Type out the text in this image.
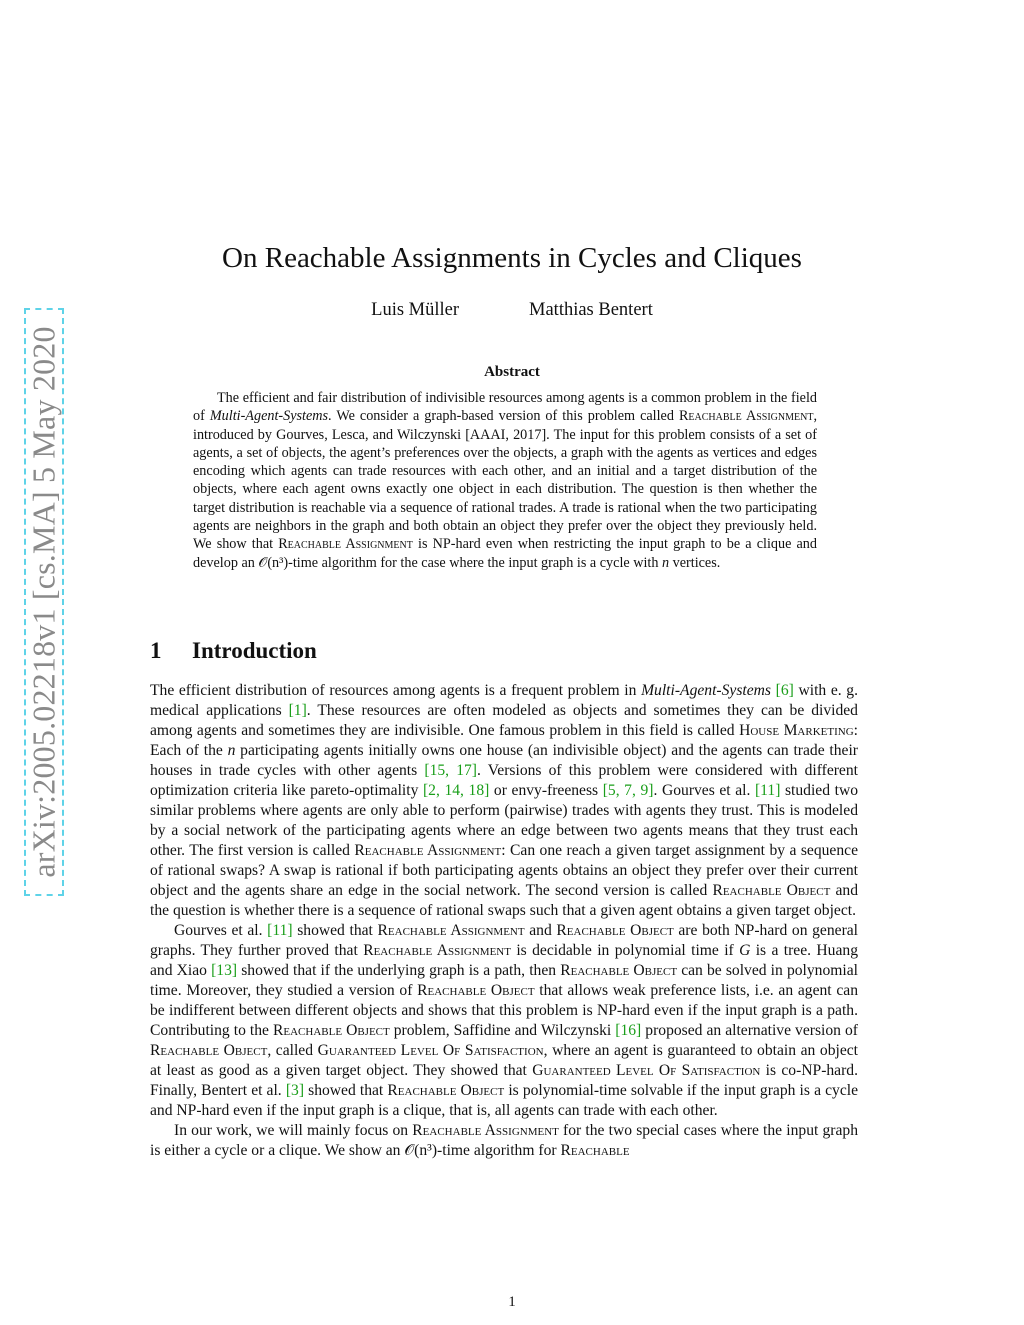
arXiv:2005.02218v1 [cs.MA] 5 May 2020
On Reachable Assignments in Cycles and Cliques
Luis Müller	Matthias Bentert
Abstract
The efficient and fair distribution of indivisible resources among agents is a common problem in the field of Multi-Agent-Systems. We consider a graph-based version of this problem called Reachable Assignment, introduced by Gourves, Lesca, and Wilczynski [AAAI, 2017]. The input for this problem consists of a set of agents, a set of objects, the agent’s preferences over the objects, a graph with the agents as vertices and edges encoding which agents can trade resources with each other, and an initial and a target distribution of the objects, where each agent owns exactly one object in each distribution. The question is then whether the target distribution is reachable via a sequence of rational trades. A trade is rational when the two participating agents are neighbors in the graph and both obtain an object they prefer over the object they previously held. We show that Reachable Assignment is NP-hard even when restricting the input graph to be a clique and develop an 𝒪(n³)-time algorithm for the case where the input graph is a cycle with n vertices.
1 Introduction

The efficient distribution of resources among agents is a frequent problem in Multi-Agent-Systems [6] with e. g. medical applications [1]. These resources are often modeled as objects and sometimes they can be divided among agents and sometimes they are indivisible. One famous problem in this field is called House Marketing: Each of the n participating agents initially owns one house (an indivisible object) and the agents can trade their houses in trade cycles with other agents [15, 17]. Versions of this problem were considered with different optimization criteria like pareto-optimality [2, 14, 18] or envy-freeness [5, 7, 9]. Gourves et al. [11] studied two similar problems where agents are only able to perform (pairwise) trades with agents they trust. This is modeled by a social network of the participating agents where an edge between two agents means that they trust each other. The first version is called Reachable Assignment: Can one reach a given target assignment by a sequence of rational swaps? A swap is rational if both participating agents obtains an object they prefer over their current object and the agents share an edge in the social network. The second version is called Reachable Object and the question is whether there is a sequence of rational swaps such that a given agent obtains a given target object.

Gourves et al. [11] showed that Reachable Assignment and Reachable Object are both NP-hard on general graphs. They further proved that Reachable Assignment is decidable in polynomial time if G is a tree. Huang and Xiao [13] showed that if the underlying graph is a path, then Reachable Object can be solved in polynomial time. Moreover, they studied a version of Reachable Object that allows weak preference lists, i.e. an agent can be indifferent between different objects and shows that this problem is NP-hard even if the input graph is a path. Contributing to the Reachable Object problem, Saffidine and Wilczynski [16] proposed an alternative version of Reachable Object, called Guaranteed Level Of Satisfaction, where an agent is guaranteed to obtain an object at least as good as a given target object. They showed that Guaranteed Level Of Satisfaction is co-NP-hard. Finally, Bentert et al. [3] showed that Reachable Object is polynomial-time solvable if the input graph is a cycle and NP-hard even if the input graph is a clique, that is, all agents can trade with each other.

In our work, we will mainly focus on Reachable Assignment for the two special cases where the input graph is either a cycle or a clique. We show an 𝒪(n³)-time algorithm for Reachable

1
